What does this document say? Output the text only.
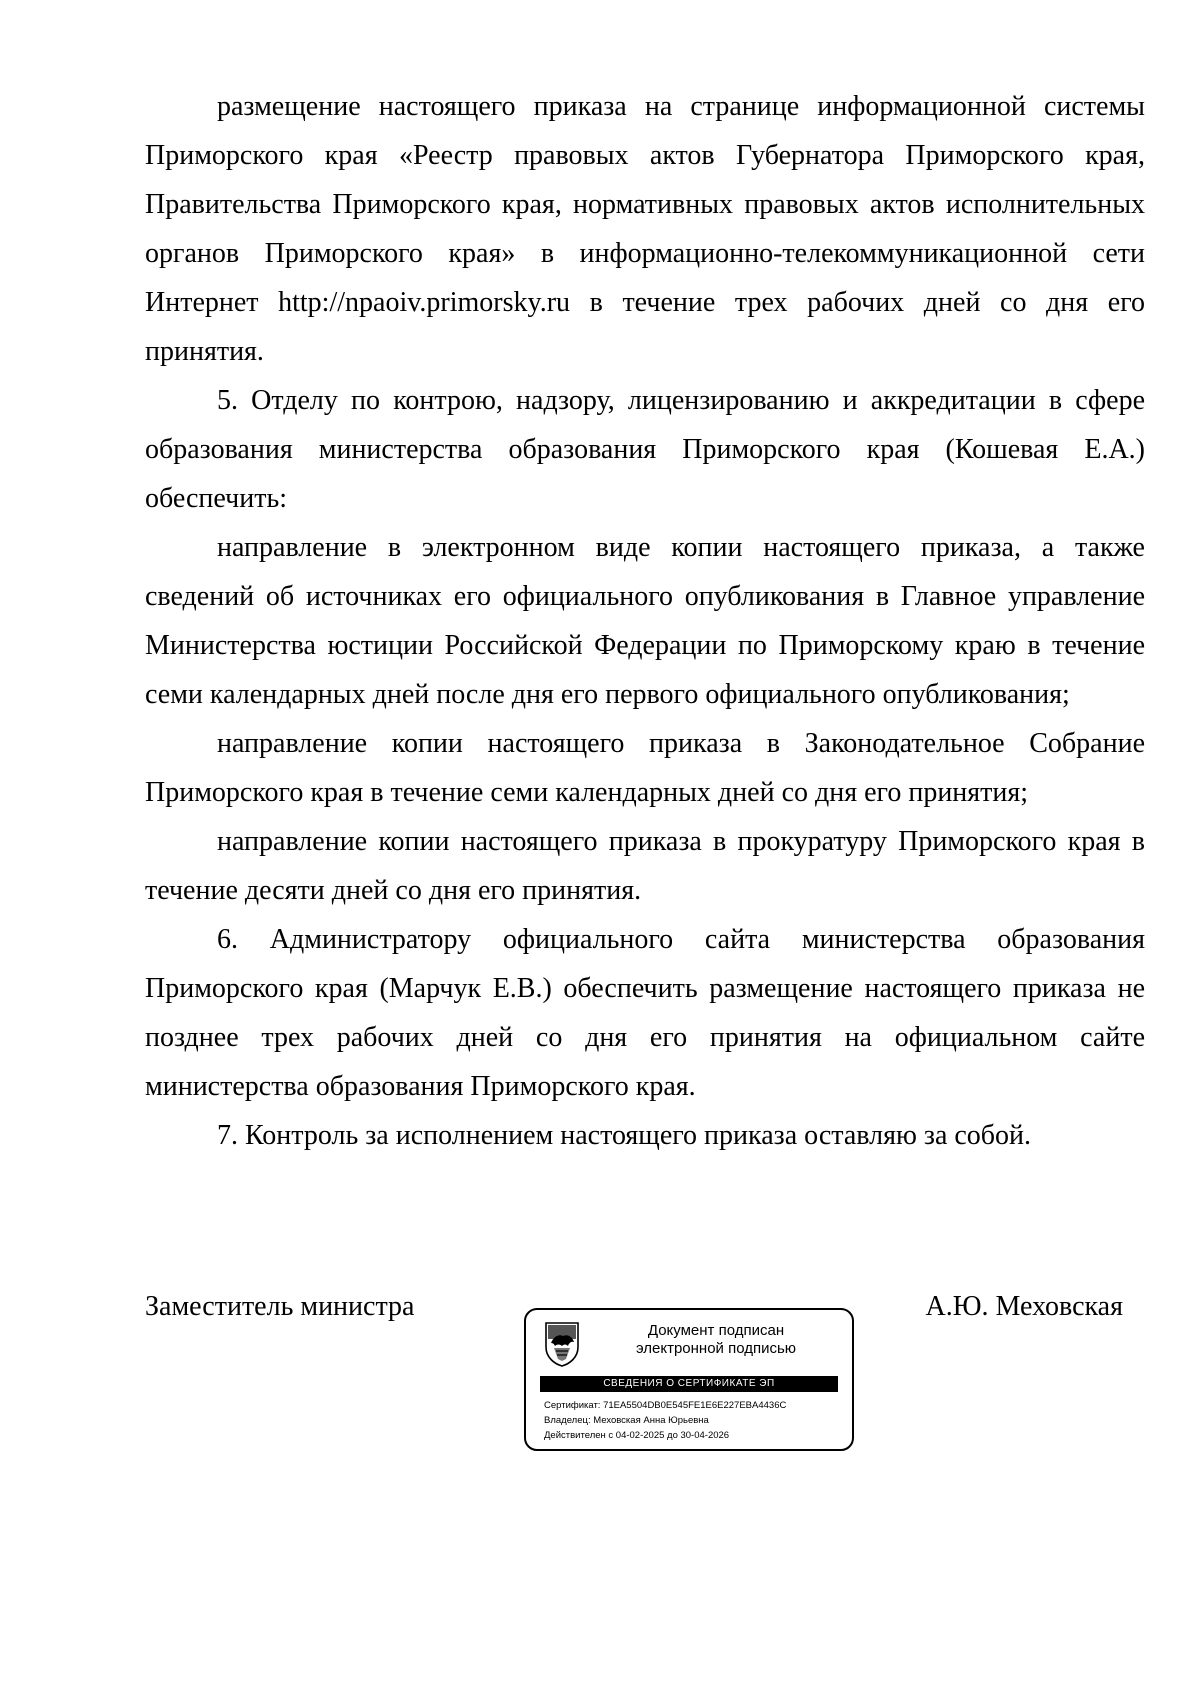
размещение настоящего приказа на странице информационной системы Приморского края «Реестр правовых актов Губернатора Приморского края, Правительства Приморского края, нормативных правовых актов исполнительных органов Приморского края» в информационно-телекоммуникационной сети Интернет http://npaoiv.primorsky.ru в течение трех рабочих дней со дня его принятия.

5. Отделу по контрою, надзору, лицензированию и аккредитации в сфере образования министерства образования Приморского края (Кошевая Е.А.) обеспечить:

направление в электронном виде копии настоящего приказа, а также сведений об источниках его официального опубликования в Главное управление Министерства юстиции Российской Федерации по Приморскому краю в течение семи календарных дней после дня его первого официального опубликования;

направление копии настоящего приказа в Законодательное Собрание Приморского края в течение семи календарных дней со дня его принятия;

направление копии настоящего приказа в прокуратуру Приморского края в течение десяти дней со дня его принятия.

6. Администратору официального сайта министерства образования Приморского края (Марчук Е.В.) обеспечить размещение настоящего приказа не позднее трех рабочих дней со дня его принятия на официальном сайте министерства образования Приморского края.

7. Контроль за исполнением настоящего приказа оставляю за собой.

Заместитель министра
Документ подписан
электронной подписью
СВЕДЕНИЯ О СЕРТИФИКАТЕ ЭП
Сертификат: 71EA5504DB0E545FE1E6E227EBA4436C
Владелец: Меховская Анна Юрьевна
Действителен с 04-02-2025 до 30-04-2026
А.Ю. Меховская
